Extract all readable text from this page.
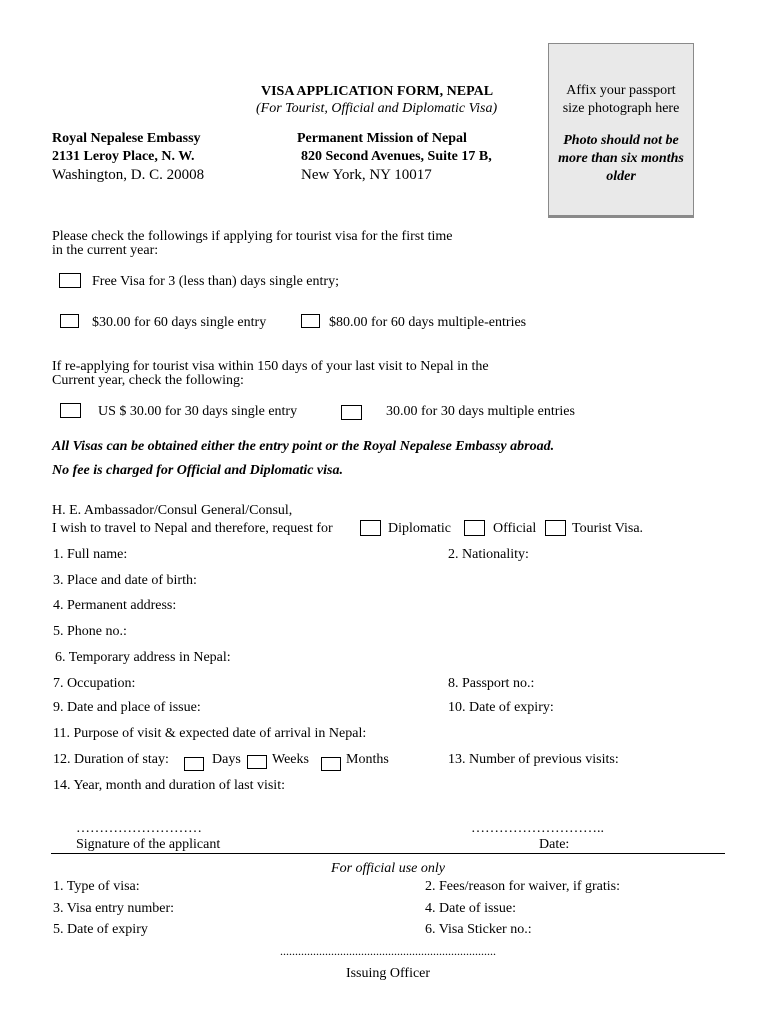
VISA APPLICATION FORM, NEPAL
(For Tourist, Official and Diplomatic Visa)
Affix your passport
size photograph here
Photo should not be
more than six months
older
Royal Nepalese Embassy
2131 Leroy Place, N. W.
Washington, D. C. 20008
Permanent Mission of Nepal
820 Second Avenues, Suite 17 B,
New York, NY 10017
Please check the followings if applying for tourist visa for the first time
in the current year:
Free Visa for 3 (less than) days single entry;
$30.00 for 60 days single entry	$80.00 for 60 days multiple-entries
If re-applying for tourist visa within 150 days of your last visit to Nepal in the
Current year, check the following:
US $ 30.00 for 30 days single entry	30.00 for 30 days multiple entries
All Visas can be obtained either the entry point or the Royal Nepalese Embassy abroad.
No fee is charged for Official and Diplomatic visa.
H. E. Ambassador/Consul General/Consul,
I wish to travel to Nepal and therefore, request for	Diplomatic	Official	Tourist Visa.
1. Full name:	2. Nationality:
3. Place and date of birth:
4. Permanent address:
5. Phone no.:
6. Temporary address in Nepal:
7. Occupation:	8. Passport no.:
9. Date and place of issue:	10. Date of expiry:
11. Purpose of visit & expected date of arrival in Nepal:
12. Duration of stay:	Days Weeks	Months	13. Number of previous visits:
14. Year, month and duration of last visit:
………………………	………………………..
Signature of the applicant	Date:
For official use only
1. Type of visa:	2. Fees/reason for waiver, if gratis:
3. Visa entry number:	4. Date of issue:
5. Date of expiry	6. Visa Sticker no.:
........................................................................
Issuing Officer
